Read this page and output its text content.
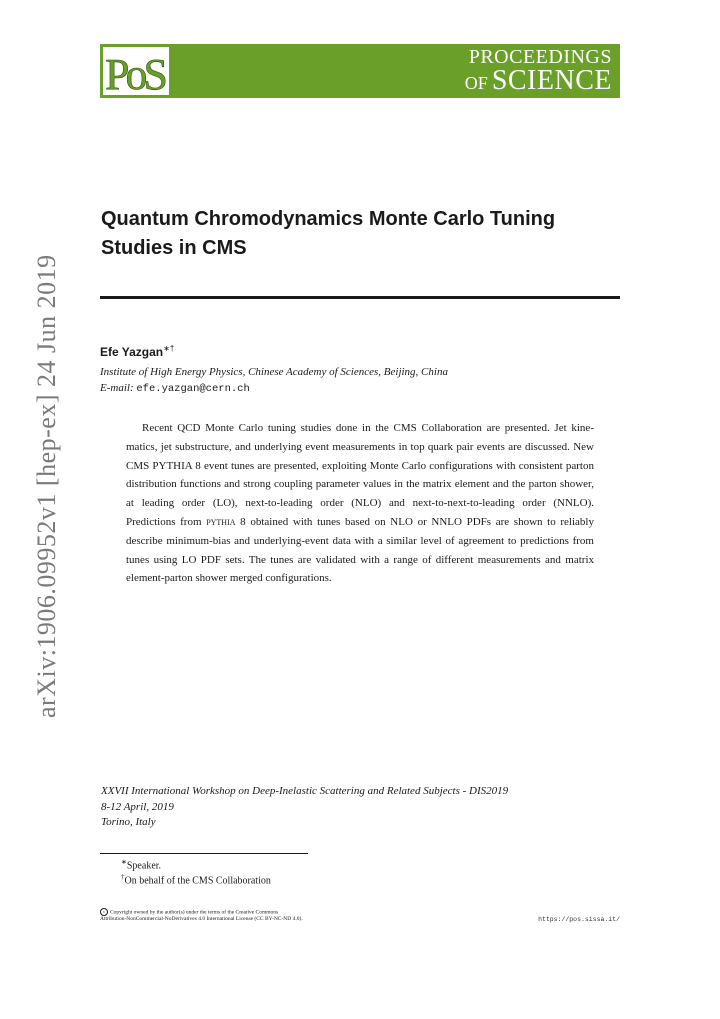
PoS	PROCEEDINGS
OF SCIENCE
arXiv:1906.09952v1 [hep-ex] 24 Jun 2019
Quantum Chromodynamics Monte Carlo Tuning Studies in CMS
Efe Yazgan∗†
Institute of High Energy Physics, Chinese Academy of Sciences, Beijing, China
E-mail: efe.yazgan@cern.ch

Recent QCD Monte Carlo tuning studies done in the CMS Collaboration are presented. Jet kinematics, jet substructure, and underlying event measurements in top quark pair events are discussed. New CMS PYTHIA 8 event tunes are presented, exploiting Monte Carlo configurations with consistent parton distribution functions and strong coupling parameter values in the matrix element and the parton shower, at leading order (LO), next-to-leading order (NLO) and next-to-next-to-leading order (NNLO). Predictions from pythia 8 obtained with tunes based on NLO or NNLO PDFs are shown to reliably describe minimum-bias and underlying-event data with a similar level of agreement to predictions from tunes using LO PDF sets. The tunes are validated with a range of different measurements and matrix element-parton shower merged configurations.

XXVII International Workshop on Deep-Inelastic Scattering and Related Subjects - DIS2019
8-12 April, 2019
Torino, Italy
∗Speaker.
†On behalf of the CMS Collaboration
c Copyright owned by the author(s) under the terms of the Creative Commons
Attribution-NonCommercial-NoDerivatives 4.0 International License (CC BY-NC-ND 4.0).	https://pos.sissa.it/
